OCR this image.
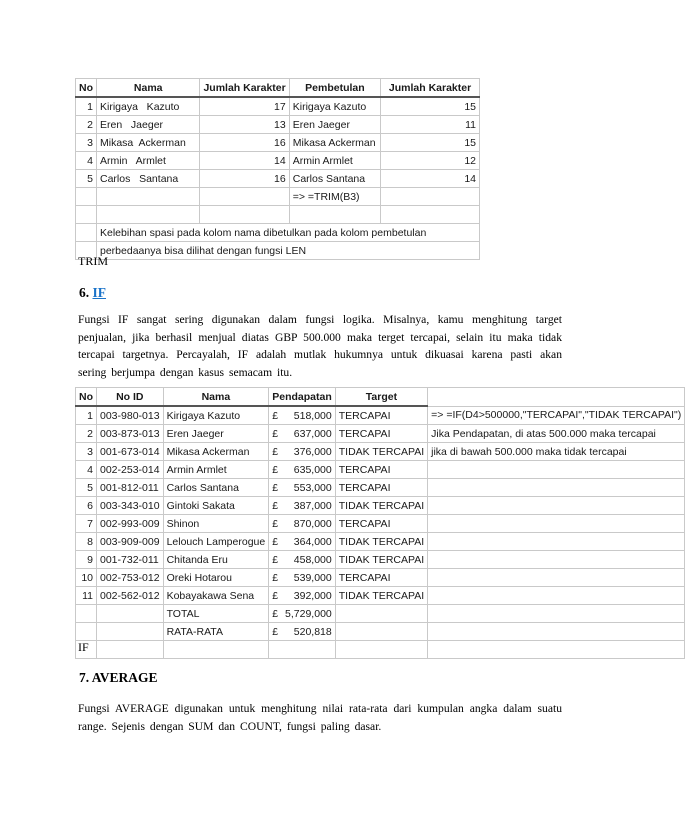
No	Nama	Jumlah Karakter	Pembetulan	Jumlah Karakter
1	Kirigaya   Kazuto	17	Kirigaya Kazuto	15
2	Eren   Jaeger	13	Eren Jaeger	11
3	Mikasa  Ackerman	16	Mikasa Ackerman	15
4	Armin   Armlet	14	Armin Armlet	12
5	Carlos   Santana	16	Carlos Santana	14
			=> =TRIM(B3)	

	Kelebihan spasi pada kolom nama dibetulkan pada kolom pembetulan			
	perbedaanya bisa dilihat dengan fungsi LEN			
TRIM
6. IF
Fungsi IF sangat sering digunakan dalam fungsi logika. Misalnya, kamu menghitung target penjualan, jika berhasil menjual diatas GBP 500.000 maka terget tercapai, selain itu maka tidak tercapai targetnya. Percayalah, IF adalah mutlak hukumnya untuk dikuasai karena pasti akan sering berjumpa dengan kasus semacam itu.
No	No ID	Nama	Pendapatan	Target	
1	003-980-013	Kirigaya Kazuto	£ 518,000	TERCAPAI	=> =IF(D4>500000,"TERCAPAI","TIDAK TERCAPAI")
2	003-873-013	Eren Jaeger	£ 637,000	TERCAPAI	Jika Pendapatan, di atas 500.000 maka tercapai
3	001-673-014	Mikasa Ackerman	£ 376,000	TIDAK TERCAPAI	jika di bawah 500.000 maka tidak tercapai
4	002-253-014	Armin Armlet	£ 635,000	TERCAPAI	
5	001-812-011	Carlos Santana	£ 553,000	TERCAPAI	
6	003-343-010	Gintoki Sakata	£ 387,000	TIDAK TERCAPAI	
7	002-993-009	Shinon	£ 870,000	TERCAPAI	
8	003-909-009	Lelouch Lamperogue	£ 364,000	TIDAK TERCAPAI	
9	001-732-011	Chitanda Eru	£ 458,000	TIDAK TERCAPAI	
10	002-753-012	Oreki Hotarou	£ 539,000	TERCAPAI	
11	002-562-012	Kobayakawa Sena	£ 392,000	TIDAK TERCAPAI	
		TOTAL	£ 5,729,000		

		RATA-RATA	£ 520,818		

IF
7. AVERAGE
Fungsi AVERAGE digunakan untuk menghitung nilai rata-rata dari kumpulan angka dalam suatu range. Sejenis dengan SUM dan COUNT, fungsi paling dasar.
